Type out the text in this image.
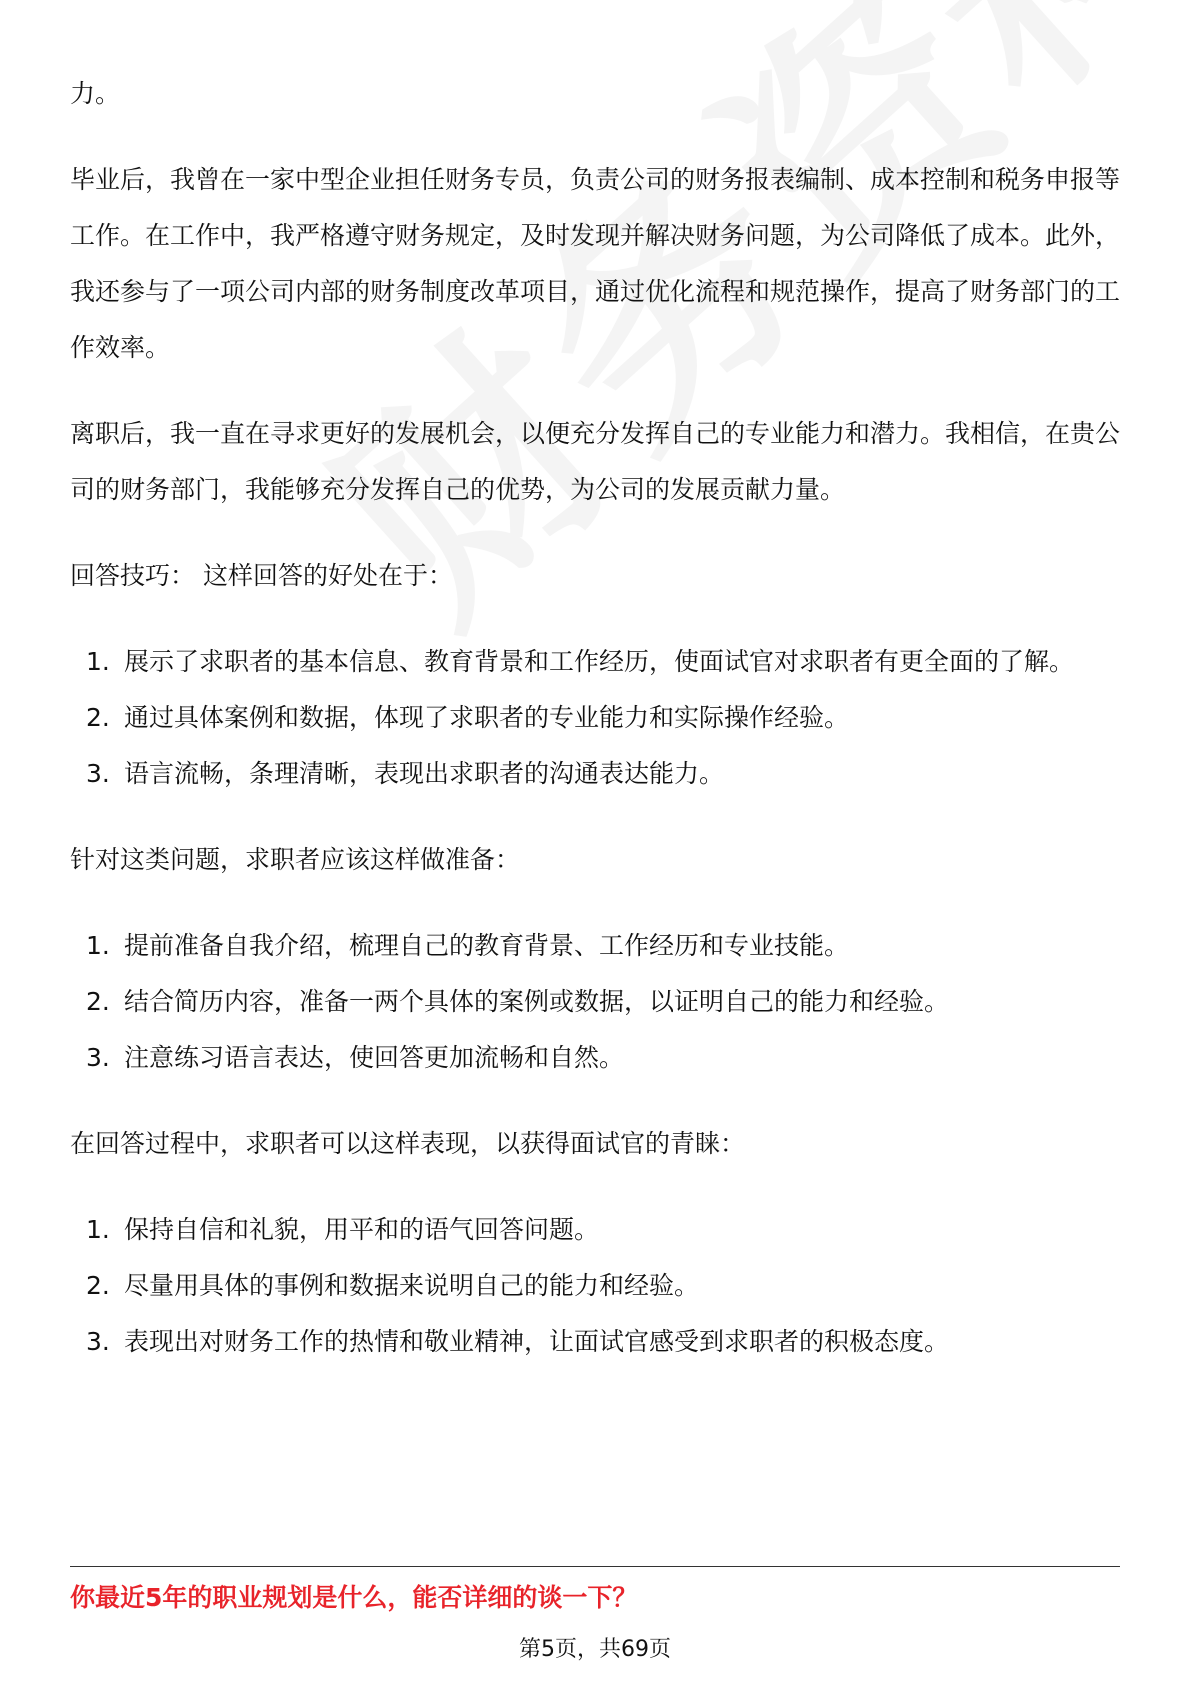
力。

毕业后，我曾在一家中型企业担任财务专员，负责公司的财务报表编制、成本控制和税务申报等工作。在工作中，我严格遵守财务规定，及时发现并解决财务问题，为公司降低了成本。此外，我还参与了一项公司内部的财务制度改革项目，通过优化流程和规范操作，提高了财务部门的工作效率。

离职后，我一直在寻求更好的发展机会，以便充分发挥自己的专业能力和潜力。我相信，在贵公司的财务部门，我能够充分发挥自己的优势，为公司的发展贡献力量。

回答技巧： 这样回答的好处在于：

1. 展示了求职者的基本信息、教育背景和工作经历，使面试官对求职者有更全面的了解。
2. 通过具体案例和数据，体现了求职者的专业能力和实际操作经验。
3. 语言流畅，条理清晰，表现出求职者的沟通表达能力。

针对这类问题，求职者应该这样做准备：

1. 提前准备自我介绍，梳理自己的教育背景、工作经历和专业技能。
2. 结合简历内容，准备一两个具体的案例或数据，以证明自己的能力和经验。
3. 注意练习语言表达，使回答更加流畅和自然。

在回答过程中，求职者可以这样表现，以获得面试官的青睐：

1. 保持自信和礼貌，用平和的语气回答问题。
2. 尽量用具体的事例和数据来说明自己的能力和经验。
3. 表现出对财务工作的热情和敬业精神，让面试官感受到求职者的积极态度。
你最近5年的职业规划是什么，能否详细的谈一下？
第5页，共69页
